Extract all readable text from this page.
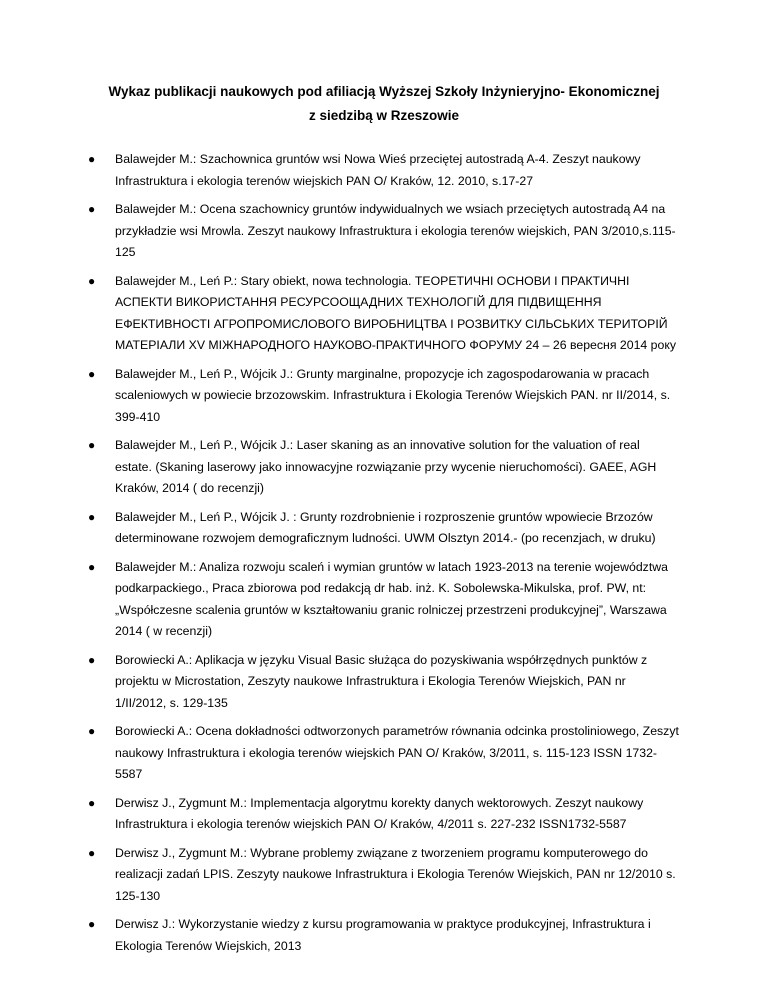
Wykaz publikacji naukowych pod afiliacją Wyższej Szkoły Inżynieryjno- Ekonomicznej
z siedzibą w Rzeszowie
● Balawejder M.: Szachownica gruntów wsi Nowa Wieś przeciętej autostradą A-4. Zeszyt naukowy Infrastruktura i ekologia terenów wiejskich PAN O/ Kraków, 12. 2010, s.17-27
● Balawejder M.: Ocena szachownicy gruntów indywidualnych we wsiach przeciętych autostradą A4 na przykładzie wsi Mrowla. Zeszyt naukowy Infrastruktura i ekologia terenów wiejskich, PAN 3/2010,s.115-125
● Balawejder M., Leń P.: Stary obiekt, nowa technologia. ТЕОРЕТИЧНІ ОСНОВИ І ПРАКТИЧНІ АСПЕКТИ ВИКОРИСТАННЯ РЕСУРСООЩАДНИХ ТЕХНОЛОГІЙ ДЛЯ ПІДВИЩЕННЯ ЕФЕКТИВНОСТІ АГРОПРОМИСЛОВОГО ВИРОБНИЦТВА І РОЗВИТКУ СІЛЬСЬКИХ ТЕРИТОРІЙ МАТЕРІАЛИ XV МІЖНАРОДНОГО НАУКОВО-ПРАКТИЧНОГО ФОРУМУ 24 – 26 вересня 2014 року
● Balawejder M., Leń P., Wójcik J.: Grunty marginalne, propozycje ich zagospodarowania w pracach scaleniowych w powiecie brzozowskim. Infrastruktura i Ekologia Terenów Wiejskich PAN. nr II/2014, s. 399-410
● Balawejder M., Leń P., Wójcik J.: Laser skaning as an innovative solution for the valuation of real estate. (Skaning laserowy jako innowacyjne rozwiązanie przy wycenie nieruchomości). GAEE, AGH Kraków, 2014 ( do recenzji)
● Balawejder M., Leń P., Wójcik J. : Grunty rozdrobnienie i rozproszenie gruntów wpowiecie Brzozów determinowane rozwojem demograficznym ludności. UWM Olsztyn 2014.- (po recenzjach, w druku)
● Balawejder M.: Analiza rozwoju scaleń i wymian gruntów w latach 1923-2013 na terenie województwa podkarpackiego., Praca zbiorowa pod redakcją dr hab. inż. K. Sobolewska-Mikulska, prof. PW, nt: „Współczesne scalenia gruntów w kształtowaniu granic rolniczej przestrzeni produkcyjnej”, Warszawa 2014 ( w recenzji)
● Borowiecki A.: Aplikacja w języku Visual Basic służąca do pozyskiwania współrzędnych punktów z projektu w Microstation, Zeszyty naukowe Infrastruktura i Ekologia Terenów Wiejskich, PAN nr 1/II/2012, s. 129-135
● Borowiecki A.: Ocena dokładności odtworzonych parametrów równania odcinka prostoliniowego, Zeszyt naukowy Infrastruktura i ekologia terenów wiejskich PAN O/ Kraków, 3/2011, s. 115-123 ISSN 1732-5587
● Derwisz J., Zygmunt M.: Implementacja algorytmu korekty danych wektorowych. Zeszyt naukowy Infrastruktura i ekologia terenów wiejskich PAN O/ Kraków, 4/2011 s. 227-232 ISSN1732-5587
● Derwisz J., Zygmunt M.: Wybrane problemy związane z tworzeniem programu komputerowego do realizacji zadań LPIS. Zeszyty naukowe Infrastruktura i Ekologia Terenów Wiejskich, PAN nr 12/2010 s. 125-130
● Derwisz J.: Wykorzystanie wiedzy z kursu programowania w praktyce produkcyjnej, Infrastruktura i Ekologia Terenów Wiejskich, 2013
